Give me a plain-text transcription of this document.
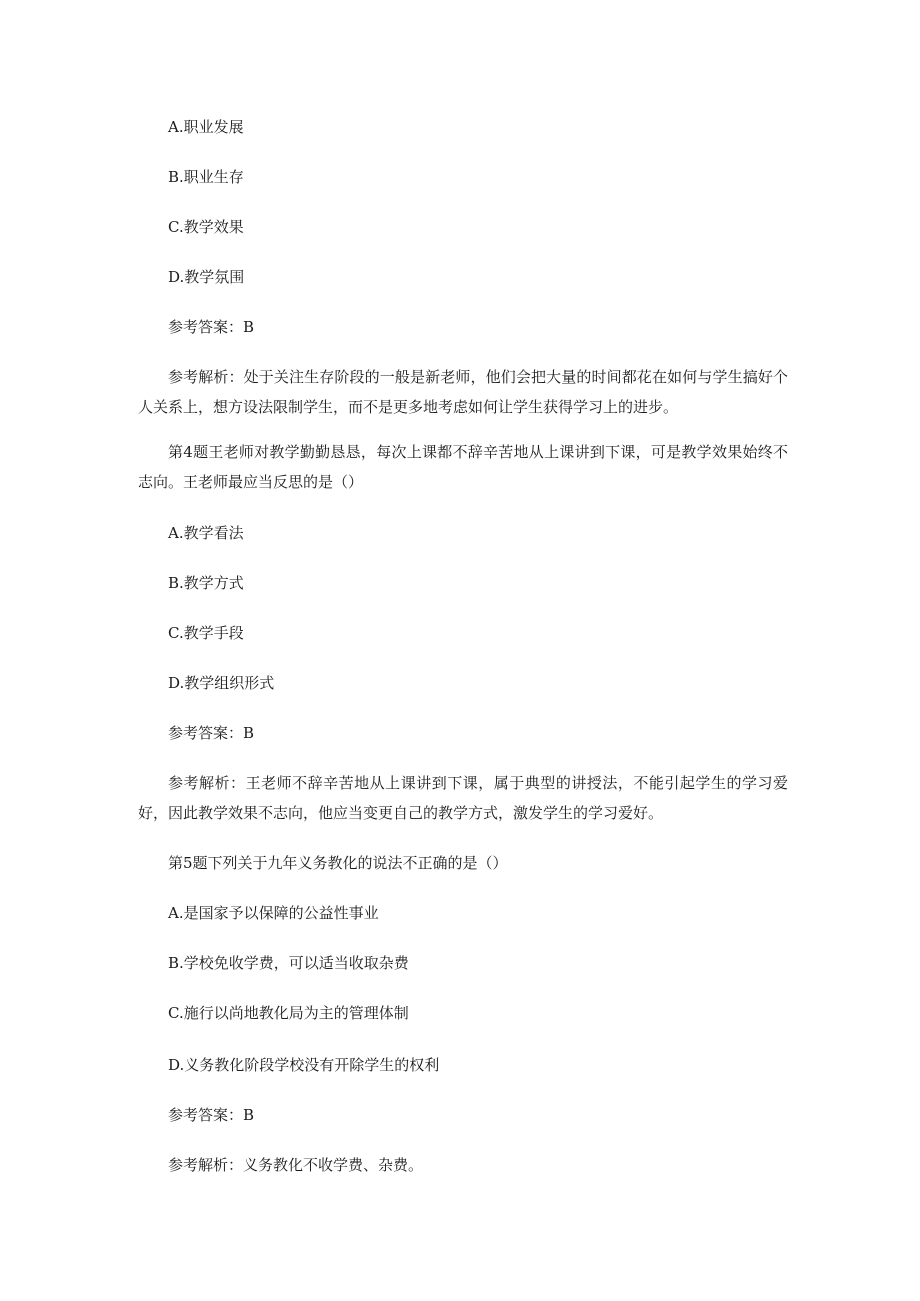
A.职业发展
B.职业生存
C.教学效果
D.教学氛围
参考答案：B
参考解析：处于关注生存阶段的一般是新老师，他们会把大量的时间都花在如何与学生搞好个人关系上，想方设法限制学生，而不是更多地考虑如何让学生获得学习上的进步。
第4题王老师对教学勤勤恳恳，每次上课都不辞辛苦地从上课讲到下课，可是教学效果始终不志向。王老师最应当反思的是（）
A.教学看法
B.教学方式
C.教学手段
D.教学组织形式
参考答案：B
参考解析：王老师不辞辛苦地从上课讲到下课，属于典型的讲授法，不能引起学生的学习爱好，因此教学效果不志向，他应当变更自己的教学方式，激发学生的学习爱好。
第5题下列关于九年义务教化的说法不正确的是（）
A.是国家予以保障的公益性事业
B.学校免收学费，可以适当收取杂费
C.施行以尚地教化局为主的管理体制
D.义务教化阶段学校没有开除学生的权利
参考答案：B
参考解析：义务教化不收学费、杂费。
